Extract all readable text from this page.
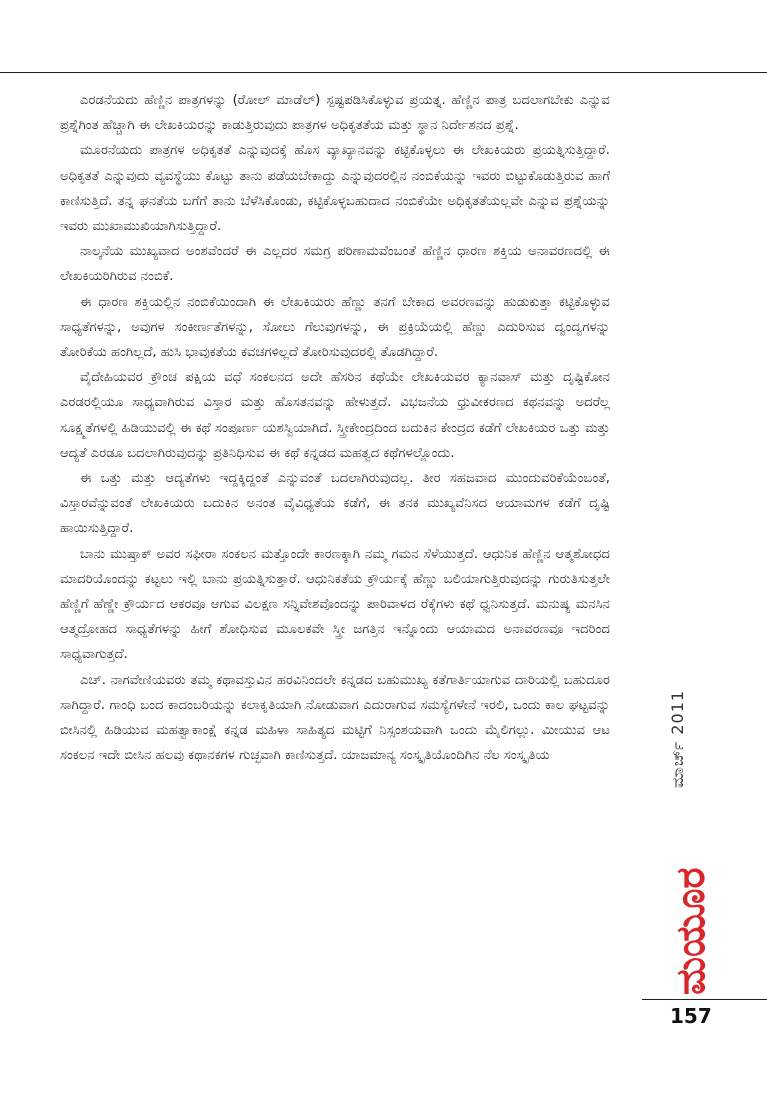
ಎರಡನೆಯದು ಹೆಣ್ಣಿನ ಪಾತ್ರಗಳನ್ನು (ರೋಲ್ ಮಾಡೆಲ್) ಸ್ಪಷ್ಟಪಡಿಸಿಕೊಳ್ಳುವ ಪ್ರಯತ್ನ. ಹೆಣ್ಣಿನ ಪಾತ್ರ ಬದಲಾಗಬೇಕು ಎನ್ನುವ ಪ್ರಶ್ನೆಗಿಂತ ಹೆಚ್ಚಾಗಿ ಈ ಲೇಖಕಿಯರನ್ನು ಕಾಡುತ್ತಿರುವುದು ಪಾತ್ರಗಳ ಅಧಿಕೃತತೆಯ ಮತ್ತು ಸ್ಥಾನ ನಿರ್ದೇಶನದ ಪ್ರಶ್ನೆ.

ಮೂರನೆಯದು ಪಾತ್ರಗಳ ಅಧಿಕೃತತೆ ಎನ್ನುವುದಕ್ಕೆ ಹೊಸ ವ್ಯಾಖ್ಯಾನವನ್ನು ಕಟ್ಟಿಕೊಳ್ಳಲು ಈ ಲೇಖಕಿಯರು ಪ್ರಯತ್ನಿಸುತ್ತಿದ್ದಾರೆ. ಅಧಿಕೃತತೆ ಎನ್ನುವುದು ವ್ಯವಸ್ಥೆಯು ಕೊಟ್ಟು ತಾನು ಪಡೆಯಬೇಕಾದ್ದು ಎನ್ನುವುದರಲ್ಲಿನ ನಂಬಿಕೆಯನ್ನು ಇವರು ಬಿಟ್ಟುಕೊಡುತ್ತಿರುವ ಹಾಗೆ ಕಾಣಿಸುತ್ತಿದೆ. ತನ್ನ ಘನತೆಯ ಬಗೆಗೆ ತಾನು ಬೆಳೆಸಿಕೊಂಡು, ಕಟ್ಟಿಕೊಳ್ಳಬಹುದಾದ ನಂಬಿಕೆಯೇ ಅಧಿಕೃತತೆಯಲ್ಲವೇ ಎನ್ನುವ ಪ್ರಶ್ನೆಯನ್ನು ಇವರು ಮುಖಾಮುಖಿಯಾಗಿಸುತ್ತಿದ್ದಾರೆ.

ನಾಲ್ಕನೆಯ ಮುಖ್ಯವಾದ ಅಂಶವೆಂದರೆ ಈ ಎಲ್ಲದರ ಸಮಗ್ರ ಪರಿಣಾಮವೆಂಬಂತೆ ಹೆಣ್ಣಿನ ಧಾರಣ ಶಕ್ತಿಯ ಅನಾವರಣದಲ್ಲಿ ಈ ಲೇಖಕಿಯರಿಗಿರುವ ನಂಬಿಕೆ.

ಈ ಧಾರಣ ಶಕ್ತಿಯಲ್ಲಿನ ನಂಬಿಕೆಯಿಂದಾಗಿ ಈ ಲೇಖಕಿಯರು ಹೆಣ್ಣು ತನಗೆ ಬೇಕಾದ ಅವರಣವನ್ನು ಹುಡುಕುತ್ತಾ ಕಟ್ಟಿಕೊಳ್ಳುವ ಸಾಧ್ಯತೆಗಳನ್ನು, ಅವುಗಳ ಸಂಕೀರ್ಣತೆಗಳನ್ನು, ಸೋಲು ಗೆಲುವುಗಳನ್ನು, ಈ ಪ್ರಕ್ರಿಯೆಯಲ್ಲಿ ಹೆಣ್ಣು ಎದುರಿಸುವ ದ್ವಂದ್ವಗಳನ್ನು ತೋರಿಕೆಯ ಹಂಗಿಲ್ಲದೆ, ಹುಸಿ ಭಾವುಕತೆಯ ಕವಚಗಳಿಲ್ಲದೆ ತೋರಿಸುವುದರಲ್ಲಿ ತೊಡಗಿದ್ದಾರೆ.

ವೈದೇಹಿಯವರ ಕ್ರೌಂಚ ಪಕ್ಷಿಯ ವಧೆ ಸಂಕಲನದ ಅದೇ ಹೆಸರಿನ ಕಥೆಯೇ ಲೇಖಕಿಯವರ ಕ್ಯಾನವಾಸ್ ಮತ್ತು ದೃಷ್ಟಿಕೋನ ಎರಡರಲ್ಲಿಯೂ ಸಾಧ್ಯವಾಗಿರುವ ವಿಸ್ತಾರ ಮತ್ತು ಹೊಸತನವನ್ನು ಹೇಳುತ್ತದೆ. ವಿಭಜನೆಯ ಧ್ರುವೀಕರಣದ ಕಥನವನ್ನು ಅದರೆಲ್ಲ ಸೂಕ್ಷ್ಮತೆಗಳಲ್ಲಿ ಹಿಡಿಯುವಲ್ಲಿ ಈ ಕಥೆ ಸಂಪೂರ್ಣ ಯಶಸ್ವಿಯಾಗಿದೆ. ಸ್ತ್ರೀಕೇಂದ್ರದಿಂದ ಬದುಕಿನ ಕೇಂದ್ರದ ಕಡೆಗೆ ಲೇಖಕಿಯರ ಒತ್ತು ಮತ್ತು ಆದ್ಯತೆ ಎರಡೂ ಬದಲಾಗಿರುವುದನ್ನು ಪ್ರತಿನಿಧಿಸುವ ಈ ಕಥೆ ಕನ್ನಡದ ಮಹತ್ವದ ಕಥೆಗಳಲ್ಲೊಂದು.

ಈ ಒತ್ತು ಮತ್ತು ಆದ್ಯತೆಗಳು ಇದ್ದಕ್ಕಿದ್ದಂತೆ ಎನ್ನುವಂತೆ ಬದಲಾಗಿರುವುದಲ್ಲ. ತೀರ ಸಹಜವಾದ ಮುಂದುವರಿಕೆಯೆಂಬಂತೆ, ವಿಸ್ತಾರವೆನ್ನುವಂತೆ ಲೇಖಕಿಯರು ಬದುಕಿನ ಅನಂತ ವೈವಿಧ್ಯತೆಯ ಕಡೆಗೆ, ಈ ತನಕ ಮುಖ್ಯವೆನಿಸದ ಆಯಾಮಗಳ ಕಡೆಗೆ ದೃಷ್ಟಿ ಹಾಯಿಸುತ್ತಿದ್ದಾರೆ.

ಬಾನು ಮುಷ್ತಾಕ್ ಅವರ ಸಫೀರಾ ಸಂಕಲನ ಮತ್ತೊಂದೇ ಕಾರಣಕ್ಕಾಗಿ ನಮ್ಮ ಗಮನ ಸೆಳೆಯುತ್ತದೆ. ಆಧುನಿಕ ಹೆಣ್ಣಿನ ಆತ್ಮಶೋಧದ ಮಾದರಿಯೊಂದನ್ನು ಕಟ್ಟಲು ಇಲ್ಲಿ ಬಾನು ಪ್ರಯತ್ನಿಸುತ್ತಾರೆ. ಆಧುನಿಕತೆಯ ಕ್ರೌರ್ಯಕ್ಕೆ ಹೆಣ್ಣು ಬಲಿಯಾಗುತ್ತಿರುವುದನ್ನು ಗುರುತಿಸುತ್ತಲೇ ಹೆಣ್ಣಿಗೆ ಹೆಣ್ಣೇ ಕ್ರೌರ್ಯದ ಆಕರವೂ ಆಗುವ ವಿಲಕ್ಷಣ ಸನ್ನಿವೇಶವೊಂದನ್ನು ಪಾರಿವಾಳದ ರೆಕ್ಕೆಗಳು ಕಥೆ ಧ್ವನಿಸುತ್ತದೆ. ಮನುಷ್ಯ ಮನಸಿನ ಆತ್ಮದ್ರೋಹದ ಸಾಧ್ಯತೆಗಳನ್ನು ಹೀಗೆ ಶೋಧಿಸುವ ಮೂಲಕವೇ ಸ್ತ್ರೀ ಜಗತ್ತಿನ ಇನ್ನೊಂದು ಆಯಾಮದ ಅನಾವರಣವೂ ಇದರಿಂದ ಸಾಧ್ಯವಾಗುತ್ತದೆ.

ಎಚ್. ನಾಗವೇಣಿಯವರು ತಮ್ಮ ಕಥಾವಸ್ತುವಿನ ಹರವಿನಿಂದಲೇ ಕನ್ನಡದ ಬಹುಮುಖ್ಯ ಕತೆಗಾರ್ತಿಯಾಗುವ ದಾರಿಯಲ್ಲಿ ಬಹುದೂರ ಸಾಗಿದ್ದಾರೆ. ಗಾಂಧಿ ಬಂದ ಕಾದಂಬರಿಯನ್ನು ಕಲಾಕೃತಿಯಾಗಿ ನೋಡುವಾಗ ಎದುರಾಗುವ ಸಮಸ್ಯೆಗಳೇನೆ ಇರಲಿ, ಒಂದು ಕಾಲ ಘಟ್ಟವನ್ನು ಬೀಸಿನಲ್ಲಿ ಹಿಡಿಯುವ ಮಹತ್ವಾಕಾಂಕ್ಷೆ ಕನ್ನಡ ಮಹಿಳಾ ಸಾಹಿತ್ಯದ ಮಟ್ಟಿಗೆ ನಿಸ್ಸಂಶಯವಾಗಿ ಒಂದು ಮೈಲಿಗಲ್ಲು. ಮೀಯುವ ಆಟ ಸಂಕಲನ ಇದೇ ಬೀಸಿನ ಹಲವು ಕಥಾನಕಗಳ ಗುಚ್ಛವಾಗಿ ಕಾಣಿಸುತ್ತದೆ. ಯಾಜಮಾನ್ಯ ಸಂಸ್ಕೃತಿಯೊಂದಿಗಿನ ನೆಲ ಸಂಸ್ಕೃತಿಯ	ಮಾರ್ಚ್ 2011
ಮಯೂರ
157
